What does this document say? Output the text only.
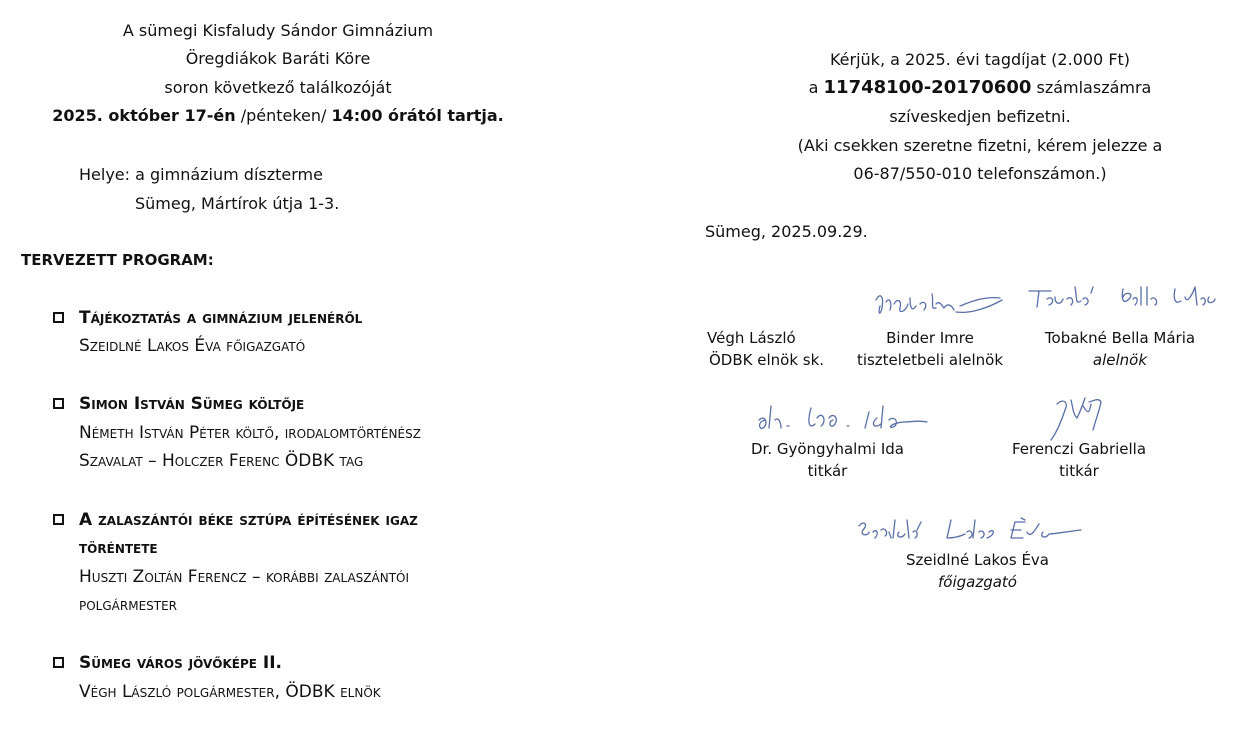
A sümegi Kisfaludy Sándor Gimnázium
Öregdiákok Baráti Köre
soron következő találkozóját
2025. október 17-én /pénteken/ 14:00 órától tartja.
Helye: a gimnázium díszterme
Sümeg, Mártírok útja 1-3.
TERVEZETT PROGRAM:
Tájékoztatás a gimnázium jelenéről
Szeidlné Lakos Éva főigazgató
Simon István Sümeg költője
Németh István Péter költő, irodalomtörténész
Szavalat – Holczer Ferenc ÖDBK tag
A zalaszántói béke sztúpa építésének igaz
töréntete
Huszti Zoltán Ferencz – korábbi zalaszántói
polgármester
Sümeg város jövőképe II.
Végh László polgármester, ÖDBK elnök
Kérjük, a 2025. évi tagdíjat (2.000 Ft)
a 11748100-20170600 számlaszámra
szíveskedjen befizetni.
(Aki csekken szeretne fizetni, kérem jelezze a
06-87/550-010 telefonszámon.)
Sümeg, 2025.09.29.
Végh László
ÖDBK elnök sk.
Binder Imre
tiszteletbeli alelnök
Tobakné Bella Mária
alelnök
Dr. Gyöngyhalmi Ida
titkár
Ferenczi Gabriella
titkár
Szeidlné Lakos Éva
főigazgató
